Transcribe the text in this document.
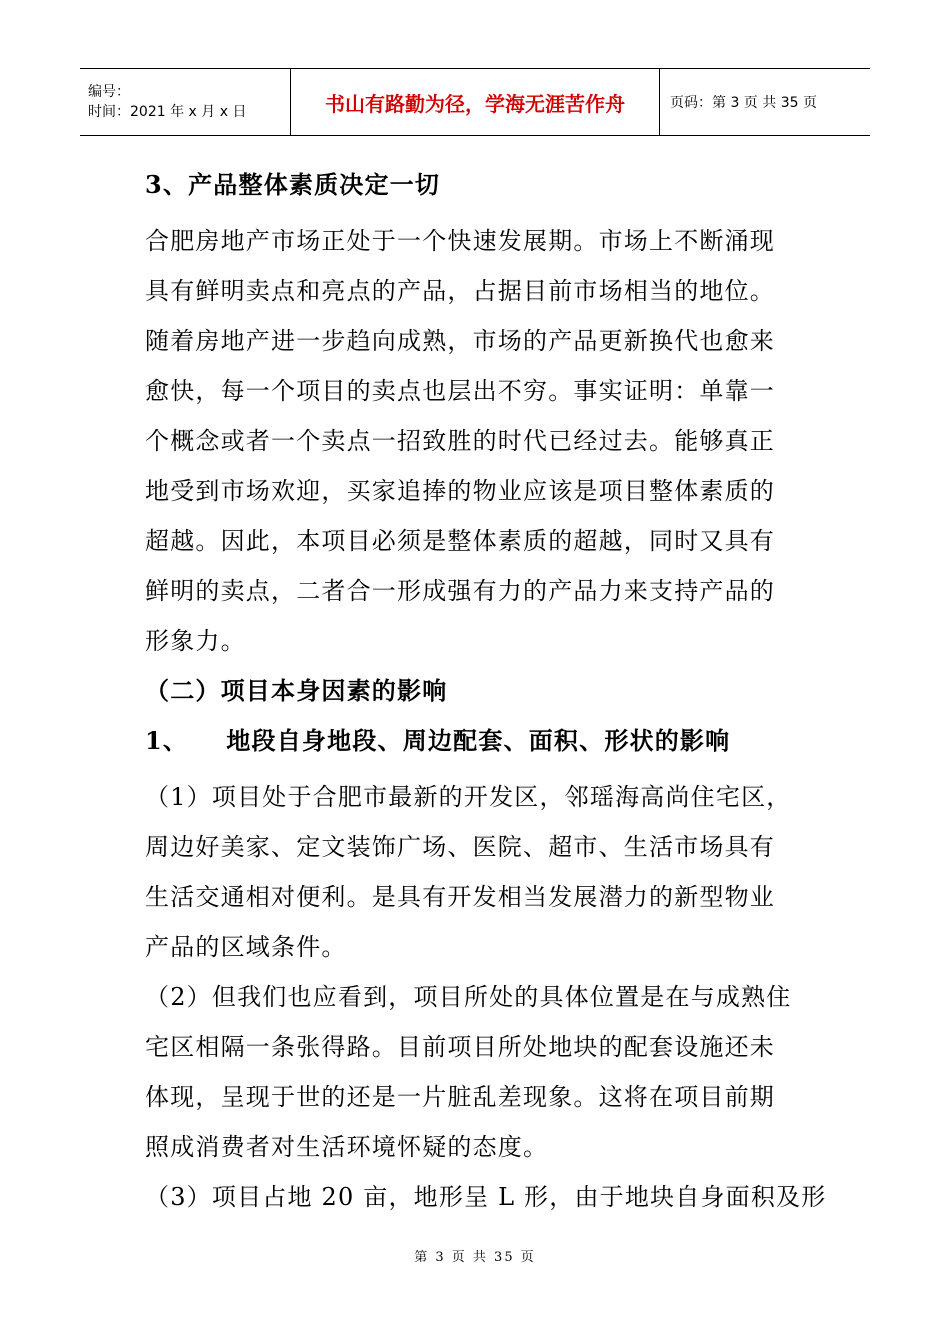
编号：
时间：2021 年 x 月 x 日	书山有路勤为径，学海无涯苦作舟	页码：第 3 页 共 35 页
3、产品整体素质决定一切
合肥房地产市场正处于一个快速发展期。市场上不断涌现
具有鲜明卖点和亮点的产品，占据目前市场相当的地位。
随着房地产进一步趋向成熟，市场的产品更新换代也愈来
愈快，每一个项目的卖点也层出不穷。事实证明：单靠一
个概念或者一个卖点一招致胜的时代已经过去。能够真正
地受到市场欢迎，买家追捧的物业应该是项目整体素质的
超越。因此，本项目必须是整体素质的超越，同时又具有
鲜明的卖点，二者合一形成强有力的产品力来支持产品的
形象力。
（二）项目本身因素的影响
1、    地段自身地段、周边配套、面积、形状的影响
（1）项目处于合肥市最新的开发区，邻瑶海高尚住宅区，
周边好美家、定文装饰广场、医院、超市、生活市场具有
生活交通相对便利。是具有开发相当发展潜力的新型物业
产品的区域条件。
（2）但我们也应看到，项目所处的具体位置是在与成熟住
宅区相隔一条张得路。目前项目所处地块的配套设施还未
体现，呈现于世的还是一片脏乱差现象。这将在项目前期
照成消费者对生活环境怀疑的态度。
（3）项目占地 20 亩，地形呈 L 形，由于地块自身面积及形
第 3 页 共 35 页
